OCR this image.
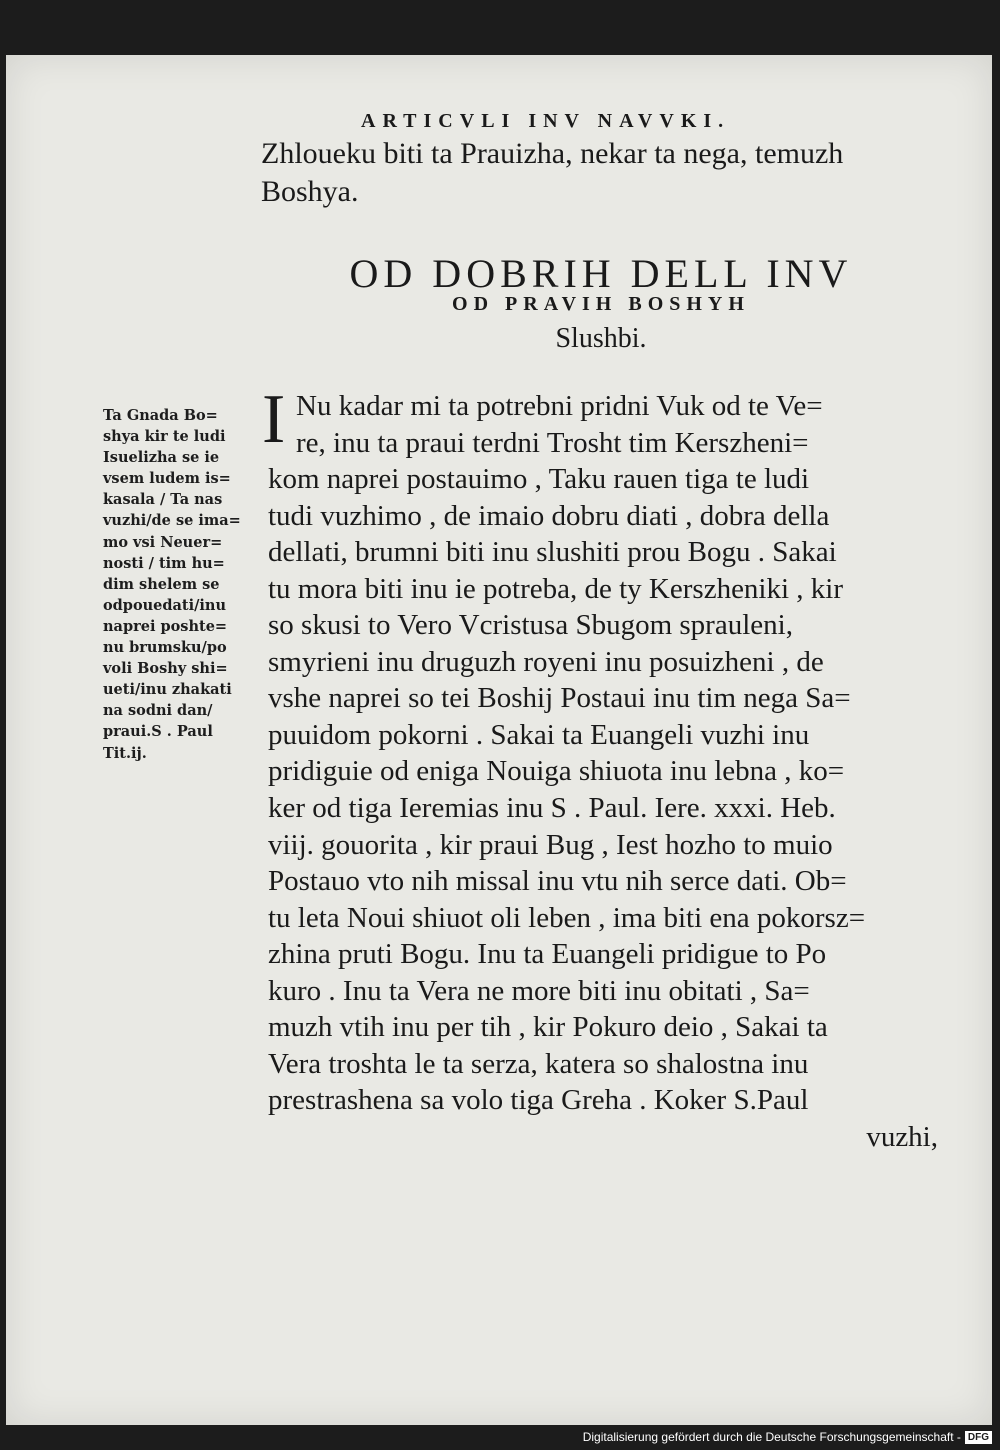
ARTICVLI INV NAVVKI.
Zhloueku biti ta Prauizha, nekar ta nega, temuzh
Boshya.
OD DOBRIH DELL INV
OD PRAVIH BOSHYH
Slushbi.
I Nu kadar mi ta potrebni pridni Vuk od te Ve=
re, inu ta praui terdni Trosht tim Kerszheni=
kom naprei postauimo , Taku rauen tiga te ludi
tudi vuzhimo , de imaio dobru diati , dobra della
dellati, brumni biti inu slushiti prou Bogu . Sakai
tu mora biti inu ie potreba, de ty Kerszheniki , kir
so skusi to Vero Vcristusa Sbugom sprauleni,
smyrieni inu druguzh royeni inu posuizheni , de
vshe naprei so tei Boshij Postaui inu tim nega Sa=
puuidom pokorni . Sakai ta Euangeli vuzhi inu
pridiguie od eniga Nouiga shiuota inu lebna , ko=
ker od tiga Ieremias inu S . Paul. Iere. xxxi. Heb.
viij. gouorita , kir praui Bug , Iest hozho to muio
Postauo vto nih missal inu vtu nih serce dati. Ob=
tu leta Noui shiuot oli leben , ima biti ena pokorsz=
zhina pruti Bogu. Inu ta Euangeli pridigue to Po
kuro . Inu ta Vera ne more biti inu obitati , Sa=
muzh vtih inu per tih , kir Pokuro deio , Sakai ta
Vera troshta le ta serza, katera so shalostna inu
prestrashena sa volo tiga Greha . Koker S.Paul
vuzhi,
Ta Gnada Bo=
shya kir te ludi
Isuelizha se ie
vsem ludem is=
kasala / Ta nas
vuzhi/de se ima=
mo vsi Neuer=
nosti / tim hu=
dim shelem se
odpouedati/inu
naprei poshte=
nu brumsku/po
voli Boshy shi=
ueti/inu zhakati
na sodni dan/
praui.S . Paul
Tit.ij.
Digitalisierung gefördert durch die Deutsche Forschungsgemeinschaft - DFG
